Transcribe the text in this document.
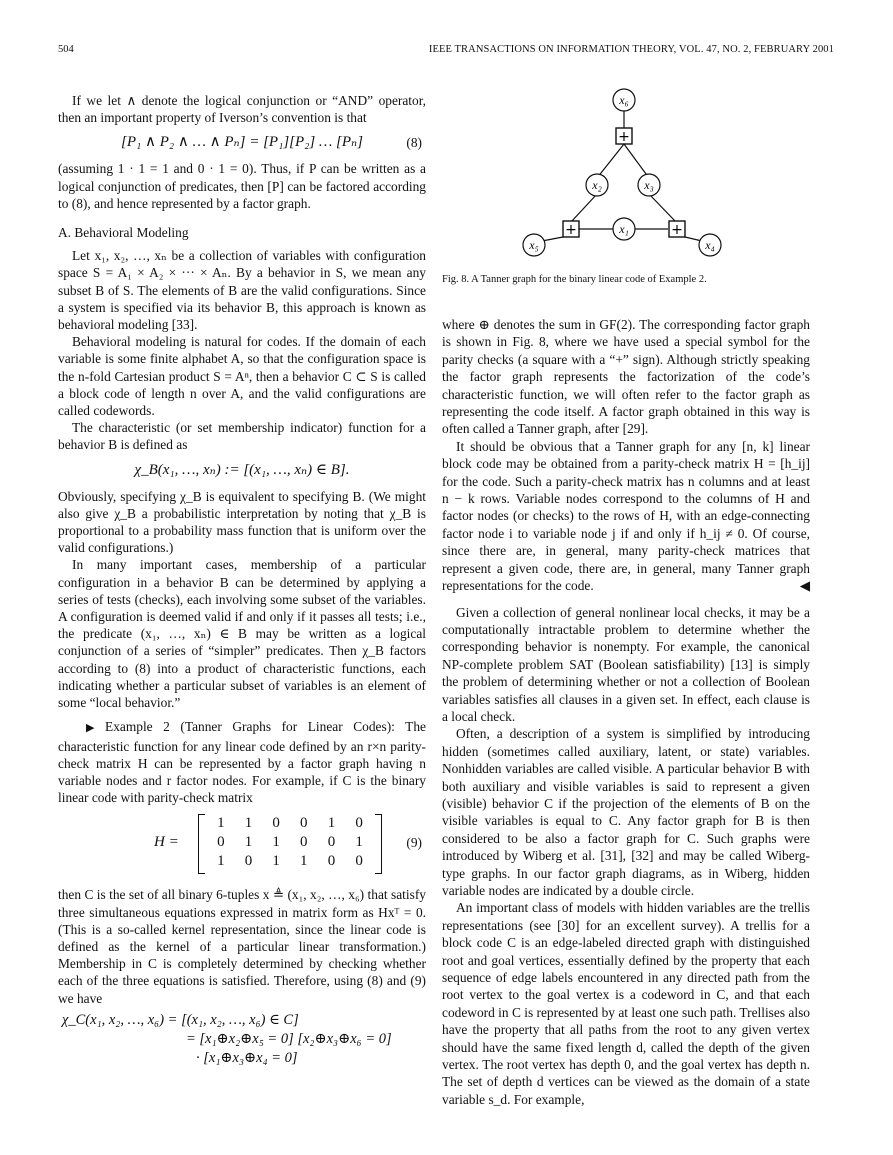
504	IEEE TRANSACTIONS ON INFORMATION THEORY, VOL. 47, NO. 2, FEBRUARY 2001

If we let ∧ denote the logical conjunction or “AND” operator, then an important property of Iverson’s convention is that

[P₁ ∧ P₂ ∧ … ∧ Pₙ] = [P₁][P₂] … [Pₙ]	(8)

(assuming 1 · 1 = 1 and 0 · 1 = 0). Thus, if P can be written as a logical conjunction of predicates, then [P] can be factored according to (8), and hence represented by a factor graph.

A. Behavioral Modeling

Let x₁, x₂, …, xₙ be a collection of variables with configuration space S = A₁ × A₂ × ··· × Aₙ. By a behavior in S, we mean any subset B of S. The elements of B are the valid configurations. Since a system is specified via its behavior B, this approach is known as behavioral modeling [33].

Behavioral modeling is natural for codes. If the domain of each variable is some finite alphabet A, so that the configuration space is the n-fold Cartesian product S = Aⁿ, then a behavior C ⊂ S is called a block code of length n over A, and the valid configurations are called codewords.

The characteristic (or set membership indicator) function for a behavior B is defined as

χ_B(x₁, …, xₙ) := [(x₁, …, xₙ) ∈ B].

Obviously, specifying χ_B is equivalent to specifying B. (We might also give χ_B a probabilistic interpretation by noting that χ_B is proportional to a probability mass function that is uniform over the valid configurations.)

In many important cases, membership of a particular configuration in a behavior B can be determined by applying a series of tests (checks), each involving some subset of the variables. A configuration is deemed valid if and only if it passes all tests; i.e., the predicate (x₁, …, xₙ) ∈ B may be written as a logical conjunction of a series of “simpler” predicates. Then χ_B factors according to (8) into a product of characteristic functions, each indicating whether a particular subset of variables is an element of some “local behavior.”

▶ Example 2 (Tanner Graphs for Linear Codes): The characteristic function for any linear code defined by an r×n parity-check matrix H can be represented by a factor graph having n variable nodes and r factor nodes. For example, if C is the binary linear code with parity-check matrix

H =
1 1 0 0 1 0
0 1 1 0 0 1
1 0 1 1 0 0
(9)

then C is the set of all binary 6-tuples x ≜ (x₁, x₂, …, x₆) that satisfy three simultaneous equations expressed in matrix form as Hxᵀ = 0. (This is a so-called kernel representation, since the linear code is defined as the kernel of a particular linear transformation.) Membership in C is completely determined by checking whether each of the three equations is satisfied. Therefore, using (8) and (9) we have

χ_C(x₁, x₂, …, x₆) = [(x₁, x₂, …, x₆) ∈ C]
= [x₁⊕x₂⊕x₅ = 0] [x₂⊕x₃⊕x₆ = 0]
· [x₁⊕x₃⊕x₄ = 0]
+
+	+
x₆
x₂	x₃
x₁
x₅	x₄
Fig. 8. A Tanner graph for the binary linear code of Example 2.

where ⊕ denotes the sum in GF(2). The corresponding factor graph is shown in Fig. 8, where we have used a special symbol for the parity checks (a square with a “+” sign). Although strictly speaking the factor graph represents the factorization of the code’s characteristic function, we will often refer to the factor graph as representing the code itself. A factor graph obtained in this way is often called a Tanner graph, after [29].

It should be obvious that a Tanner graph for any [n, k] linear block code may be obtained from a parity-check matrix H = [h_ij] for the code. Such a parity-check matrix has n columns and at least n − k rows. Variable nodes correspond to the columns of H and factor nodes (or checks) to the rows of H, with an edge-connecting factor node i to variable node j if and only if h_ij ≠ 0. Of course, since there are, in general, many parity-check matrices that represent a given code, there are, in general, many Tanner graph representations for the code.	◀

Given a collection of general nonlinear local checks, it may be a computationally intractable problem to determine whether the corresponding behavior is nonempty. For example, the canonical NP-complete problem SAT (Boolean satisfiability) [13] is simply the problem of determining whether or not a collection of Boolean variables satisfies all clauses in a given set. In effect, each clause is a local check.

Often, a description of a system is simplified by introducing hidden (sometimes called auxiliary, latent, or state) variables. Nonhidden variables are called visible. A particular behavior B with both auxiliary and visible variables is said to represent a given (visible) behavior C if the projection of the elements of B on the visible variables is equal to C. Any factor graph for B is then considered to be also a factor graph for C. Such graphs were introduced by Wiberg et al. [31], [32] and may be called Wiberg-type graphs. In our factor graph diagrams, as in Wiberg, hidden variable nodes are indicated by a double circle.

An important class of models with hidden variables are the trellis representations (see [30] for an excellent survey). A trellis for a block code C is an edge-labeled directed graph with distinguished root and goal vertices, essentially defined by the property that each sequence of edge labels encountered in any directed path from the root vertex to the goal vertex is a codeword in C, and that each codeword in C is represented by at least one such path. Trellises also have the property that all paths from the root to any given vertex should have the same fixed length d, called the depth of the given vertex. The root vertex has depth 0, and the goal vertex has depth n. The set of depth d vertices can be viewed as the domain of a state variable s_d. For example,
